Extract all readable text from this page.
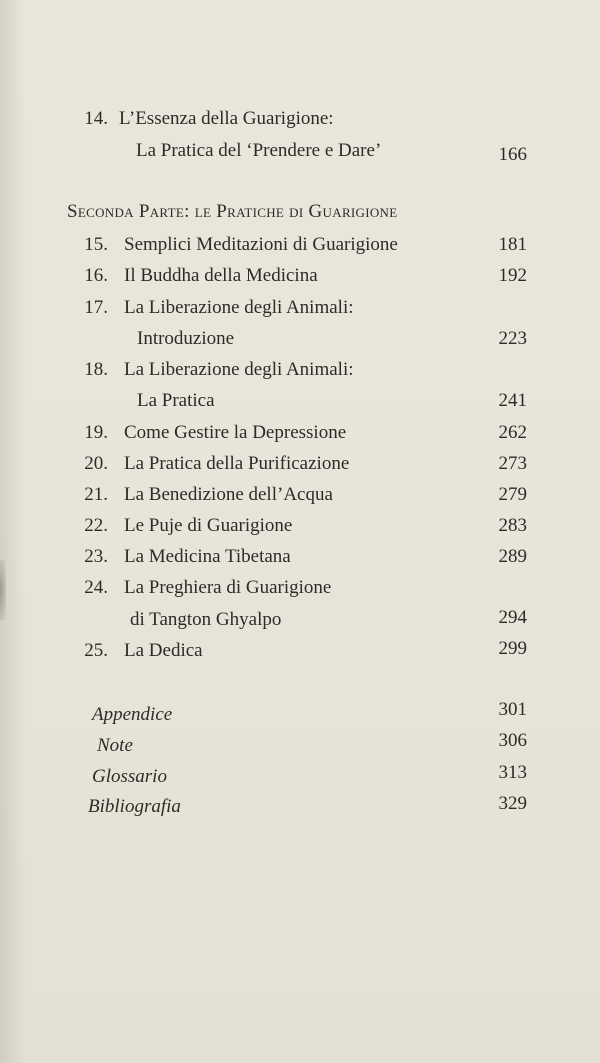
14. L’Essenza della Guarigione:
La Pratica del ‘Prendere e Dare’	166
Seconda Parte: le Pratiche di Guarigione
15. Semplici Meditazioni di Guarigione	181
16. Il Buddha della Medicina	192
17. La Liberazione degli Animali:
Introduzione	223
18. La Liberazione degli Animali:
La Pratica	241
19. Come Gestire la Depressione	262
20. La Pratica della Purificazione	273
21. La Benedizione dell’Acqua	279
22. Le Puje di Guarigione	283
23. La Medicina Tibetana	289
24. La Preghiera di Guarigione
di Tangton Ghyalpo	294
25. La Dedica	299
Appendice	301
Note	306
Glossario	313
Bibliografia	329
